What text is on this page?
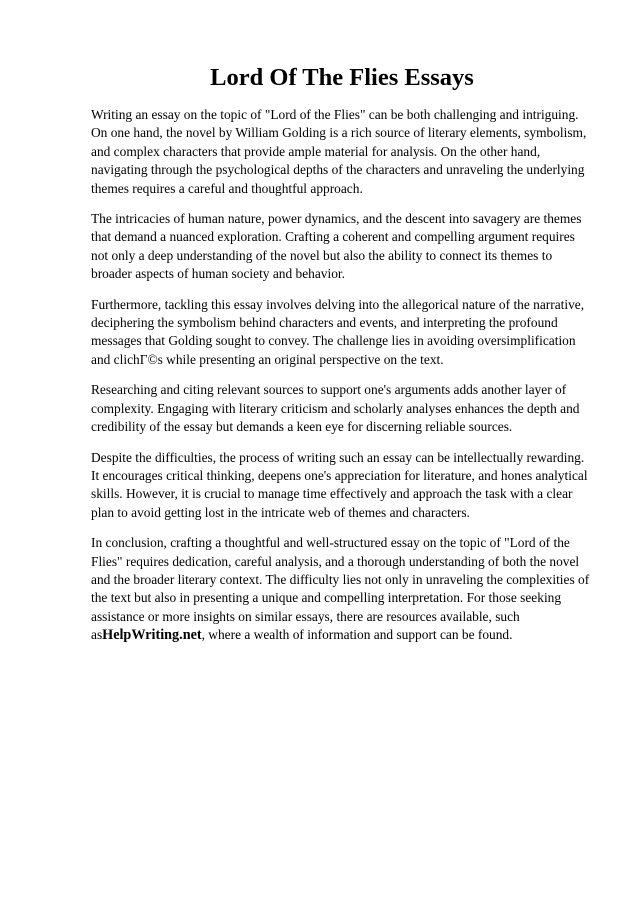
Lord Of The Flies Essays

Writing an essay on the topic of "Lord of the Flies" can be both challenging and intriguing. On one hand, the novel by William Golding is a rich source of literary elements, symbolism, and complex characters that provide ample material for analysis. On the other hand, navigating through the psychological depths of the characters and unraveling the underlying themes requires a careful and thoughtful approach.

The intricacies of human nature, power dynamics, and the descent into savagery are themes that demand a nuanced exploration. Crafting a coherent and compelling argument requires not only a deep understanding of the novel but also the ability to connect its themes to broader aspects of human society and behavior.

Furthermore, tackling this essay involves delving into the allegorical nature of the narrative, deciphering the symbolism behind characters and events, and interpreting the profound messages that Golding sought to convey. The challenge lies in avoiding oversimplification and clichΓ©s while presenting an original perspective on the text.

Researching and citing relevant sources to support one's arguments adds another layer of complexity. Engaging with literary criticism and scholarly analyses enhances the depth and credibility of the essay but demands a keen eye for discerning reliable sources.

Despite the difficulties, the process of writing such an essay can be intellectually rewarding. It encourages critical thinking, deepens one's appreciation for literature, and hones analytical skills. However, it is crucial to manage time effectively and approach the task with a clear plan to avoid getting lost in the intricate web of themes and characters.

In conclusion, crafting a thoughtful and well-structured essay on the topic of "Lord of the Flies" requires dedication, careful analysis, and a thorough understanding of both the novel and the broader literary context. The difficulty lies not only in unraveling the complexities of the text but also in presenting a unique and compelling interpretation. For those seeking assistance or more insights on similar essays, there are resources available, such asHelpWriting.net, where a wealth of information and support can be found.
